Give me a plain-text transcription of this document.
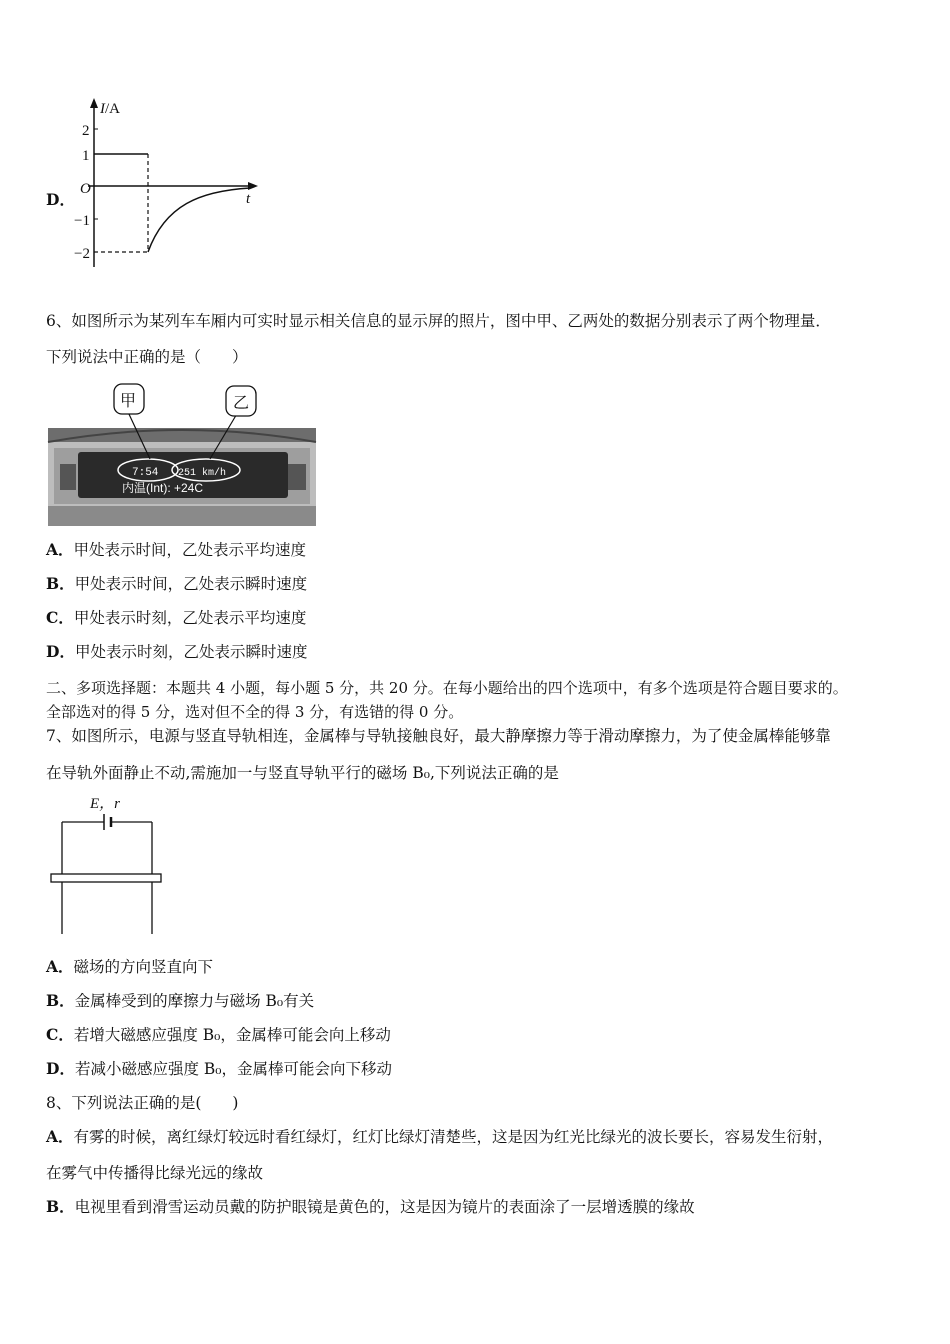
D．
I/A
t
O
2
1
−1
−2
6、如图所示为某列车车厢内可实时显示相关信息的显示屏的照片，图中甲、乙两处的数据分别表示了两个物理量．
下列说法中正确的是（　　）
7:54 251 km/h
内温(Int): +24C
甲	乙
A．甲处表示时间，乙处表示平均速度
B．甲处表示时间，乙处表示瞬时速度
C．甲处表示时刻，乙处表示平均速度
D．甲处表示时刻，乙处表示瞬时速度
二、多项选择题：本题共 4 小题，每小题 5 分，共 20 分。在每小题给出的四个选项中，有多个选项是符合题目要求的。
全部选对的得 5 分，选对但不全的得 3 分，有选错的得 0 分。
7、如图所示，电源与竖直导轨相连，金属棒与导轨接触良好，最大静摩擦力等于滑动摩擦力，为了使金属棒能够靠
在导轨外面静止不动,需施加一与竖直导轨平行的磁场 B₀,下列说法正确的是
E，r
A．磁场的方向竖直向下
B．金属棒受到的摩擦力与磁场 B₀有关
C．若增大磁感应强度 B₀，金属棒可能会向上移动
D．若减小磁感应强度 B₀，金属棒可能会向下移动
8、下列说法正确的是(　　)
A．有雾的时候，离红绿灯较远时看红绿灯，红灯比绿灯清楚些，这是因为红光比绿光的波长要长，容易发生衍射，
在雾气中传播得比绿光远的缘故
B．电视里看到滑雪运动员戴的防护眼镜是黄色的，这是因为镜片的表面涂了一层增透膜的缘故
